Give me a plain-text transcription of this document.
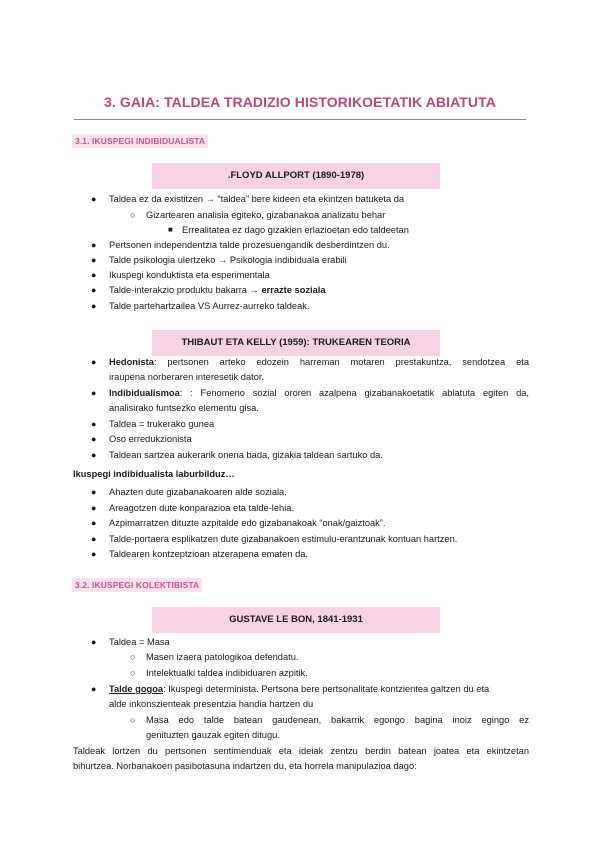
3. GAIA: TALDEA TRADIZIO HISTORIKOETATIK ABIATUTA
3.1. IKUSPEGI INDIBIDUALISTA
.FLOYD ALLPORT (1890-1978)
● Taldea ez da existitzen → “taldea” bere kideen eta ekintzen batuketa da
○ Gizartearen analisia egiteko, gizabanakoa analizatu behar
■ Errealitatea ez dago gizakien erlazioetan edo taldeetan
● Pertsonen independentzia talde prozesuengandik desberdintzen du.
● Talde psikologia ulertzeko → Psikologia indibiduala erabili
● Ikuspegi konduktista eta esperimentala
● Talde-interakzio produktu bakarra → errazte soziala
● Talde partehartzailea VS Aurrez-aurreko taldeak.
THIBAUT ETA KELLY (1959): TRUKEAREN TEORIA
● Hedonista: pertsonen arteko edozein harreman motaren prestakuntza, sendotzea eta
iraupena norberaren interesetik dator.
● Indibidualismoa: : Fenomeno sozial ororen azalpena gizabanakoetatik abiatuta egiten da,
analisirako funtsezko elementu gisa.
● Taldea = trukerako gunea
● Oso erredukzionista
● Taldean sartzea aukerarik onena bada, gizakia taldean sartuko da.
Ikuspegi indibidualista laburbilduz…
● Ahazten dute gizabanakoaren alde soziala.
● Areagotzen dute konparazioa eta talde-lehia.
● Azpimarratzen dituzte azpitalde edo gizabanakoak “onak/gaiztoak”.
● Talde-portaera esplikatzen dute gizabanakoen estimulu-erantzunak kontuan hartzen.
● Taldearen kontzeptzioan atzerapena ematen da.
3.2. IKUSPEGI KOLEKTIBISTA
GUSTAVE LE BON, 1841-1931
● Taldea = Masa
○ Masen izaera patologikoa defendatu.
○ Intelektualki taldea indibiduaren azpitik.
● Talde gogoa: Ikuspegi determinista. Pertsona bere pertsonalitate kontzientea galtzen du eta
alde inkonszienteak presentzia handia hartzen du
○ Masa edo talde batean gaudenean, bakarrik egongo bagina inoiz egingo ez
genituzten gauzak egiten ditugu.
Taldeak lortzen du pertsonen sentimenduak eta ideiak zentzu berdin batean joatea eta ekintzetan
bihurtzea. Norbanakoen pasibotasuna indartzen du, eta horrela manipulazioa dago:
